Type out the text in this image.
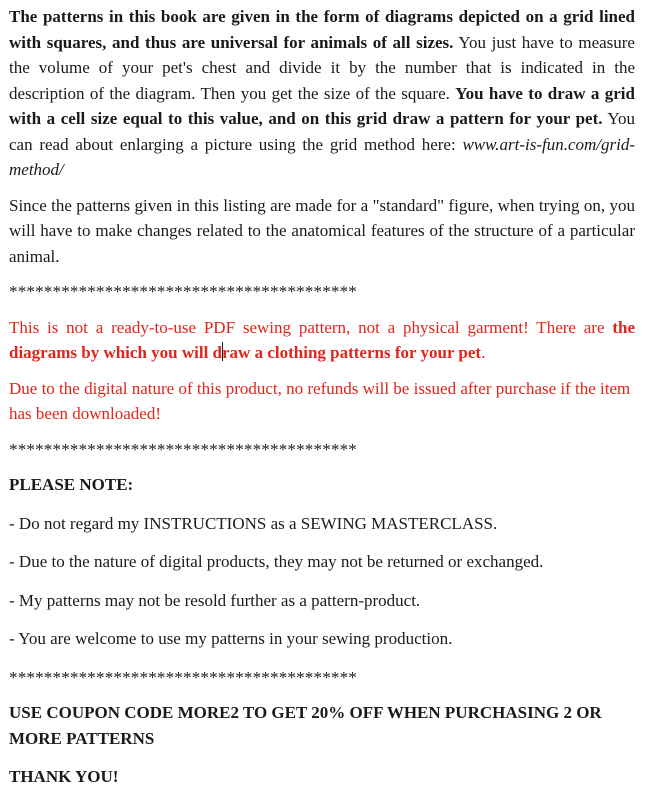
The patterns in this book are given in the form of diagrams depicted on a grid lined with squares, and thus are universal for animals of all sizes. You just have to measure the volume of your pet's chest and divide it by the number that is indicated in the description of the diagram. Then you get the size of the square. You have to draw a grid with a cell size equal to this value, and on this grid draw a pattern for your pet. You can read about enlarging a picture using the grid method here: www.art-is-fun.com/grid-method/

Since the patterns given in this listing are made for a "standard" figure, when trying on, you will have to make changes related to the anatomical features of the structure of a particular animal.

****************************************

This is not a ready-to-use PDF sewing pattern, not a physical garment! There are the diagrams by which you will draw a clothing patterns for your pet.

Due to the digital nature of this product, no refunds will be issued after purchase if the item has been downloaded!

****************************************

PLEASE NOTE:

- Do not regard my INSTRUCTIONS as a SEWING MASTERCLASS.

- Due to the nature of digital products, they may not be returned or exchanged.

- My patterns may not be resold further as a pattern-product.

- You are welcome to use my patterns in your sewing production.

****************************************

USE COUPON CODE MORE2 TO GET 20% OFF WHEN PURCHASING 2 OR MORE PATTERNS

THANK YOU!
